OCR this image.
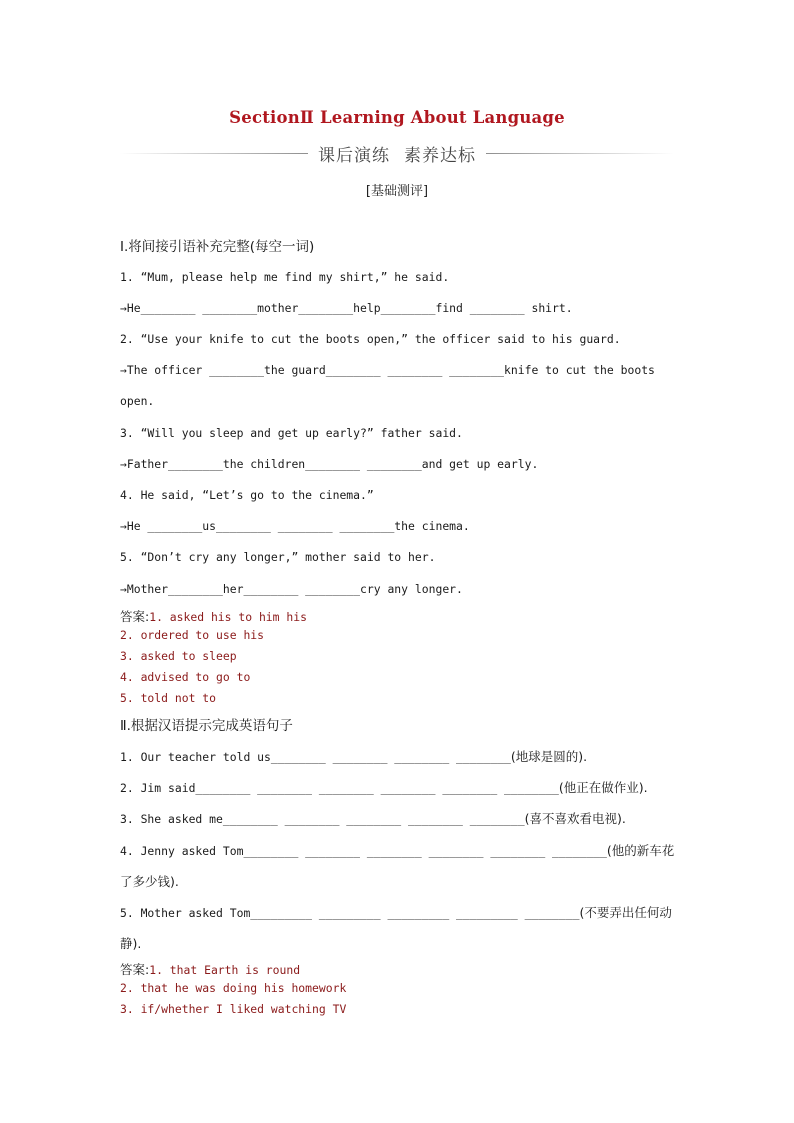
SectionⅡ Learning About Language
课后演练 素养达标
[基础测评]
Ⅰ.将间接引语补充完整(每空一词)
1. “Mum, please help me find my shirt,” he said.
→He________ ________mother________help________find ________ shirt.
2. “Use your knife to cut the boots open,” the officer said to his guard.
→The officer ________the guard________ ________ ________knife to cut the boots
open.
3. “Will you sleep and get up early?” father said.
→Father________the children________ ________and get up early.
4. He said, “Let’s go to the cinema.”
→He ________us________ ________ ________the cinema.
5. “Don’t cry any longer,” mother said to her.
→Mother________her________ ________cry any longer.
答案:1. asked his to him his
2. ordered to use his
3. asked to sleep
4. advised to go to
5. told not to
Ⅱ.根据汉语提示完成英语句子
1. Our teacher told us________ ________ ________ ________(地球是圆的).
2. Jim said________ ________ ________ ________ ________ ________(他正在做作业).
3. She asked me________ ________ ________ ________ ________(喜不喜欢看电视).
4. Jenny asked Tom________ ________ ________ ________ ________ ________(他的新车花
了多少钱).
5. Mother asked Tom_________ _________ _________ _________ ________(不要弄出任何动
静).
答案:1. that Earth is round
2. that he was doing his homework
3. if/whether I liked watching TV
